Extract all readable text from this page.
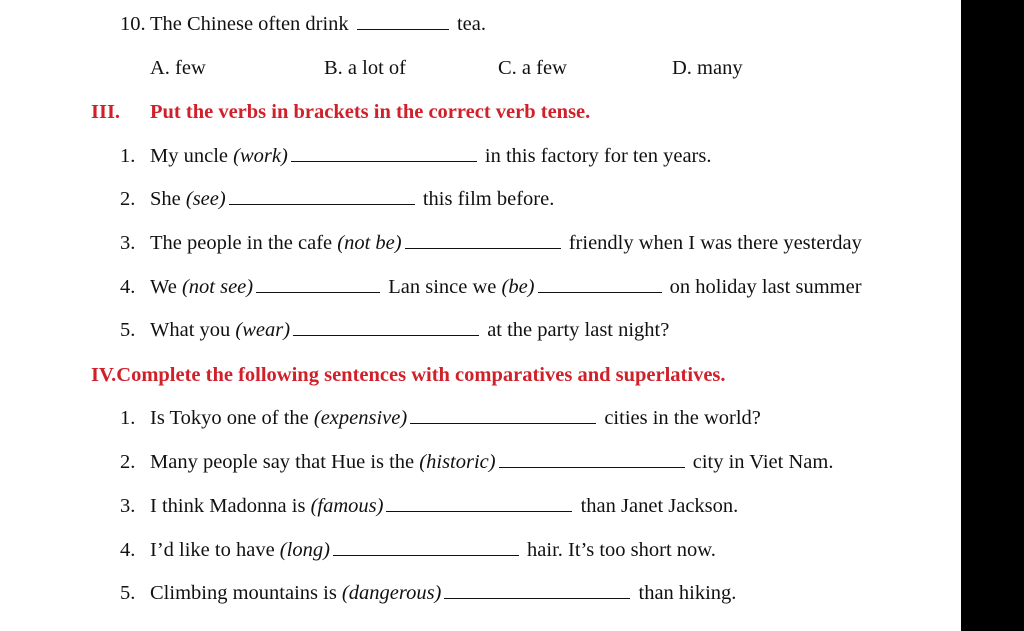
10. The Chinese often drink	tea.
A. few	B. a lot of	C. a few	D. many
III. Put the verbs in brackets in the correct verb tense.
1. My uncle (work)	in this factory for ten years.
2. She (see)	this film before.
3. The people in the cafe (not be)	friendly when I was there yesterday
4. We (not see)	Lan since we (be)	on holiday last summer
5. What you (wear)	at the party last night?
IV.Complete the following sentences with comparatives and superlatives.
1. Is Tokyo one of the (expensive)	cities in the world?
2. Many people say that Hue is the (historic)	city in Viet Nam.
3. I think Madonna is (famous)	than Janet Jackson.
4. I’d like to have (long)	hair. It’s too short now.
5. Climbing mountains is (dangerous)	than hiking.
